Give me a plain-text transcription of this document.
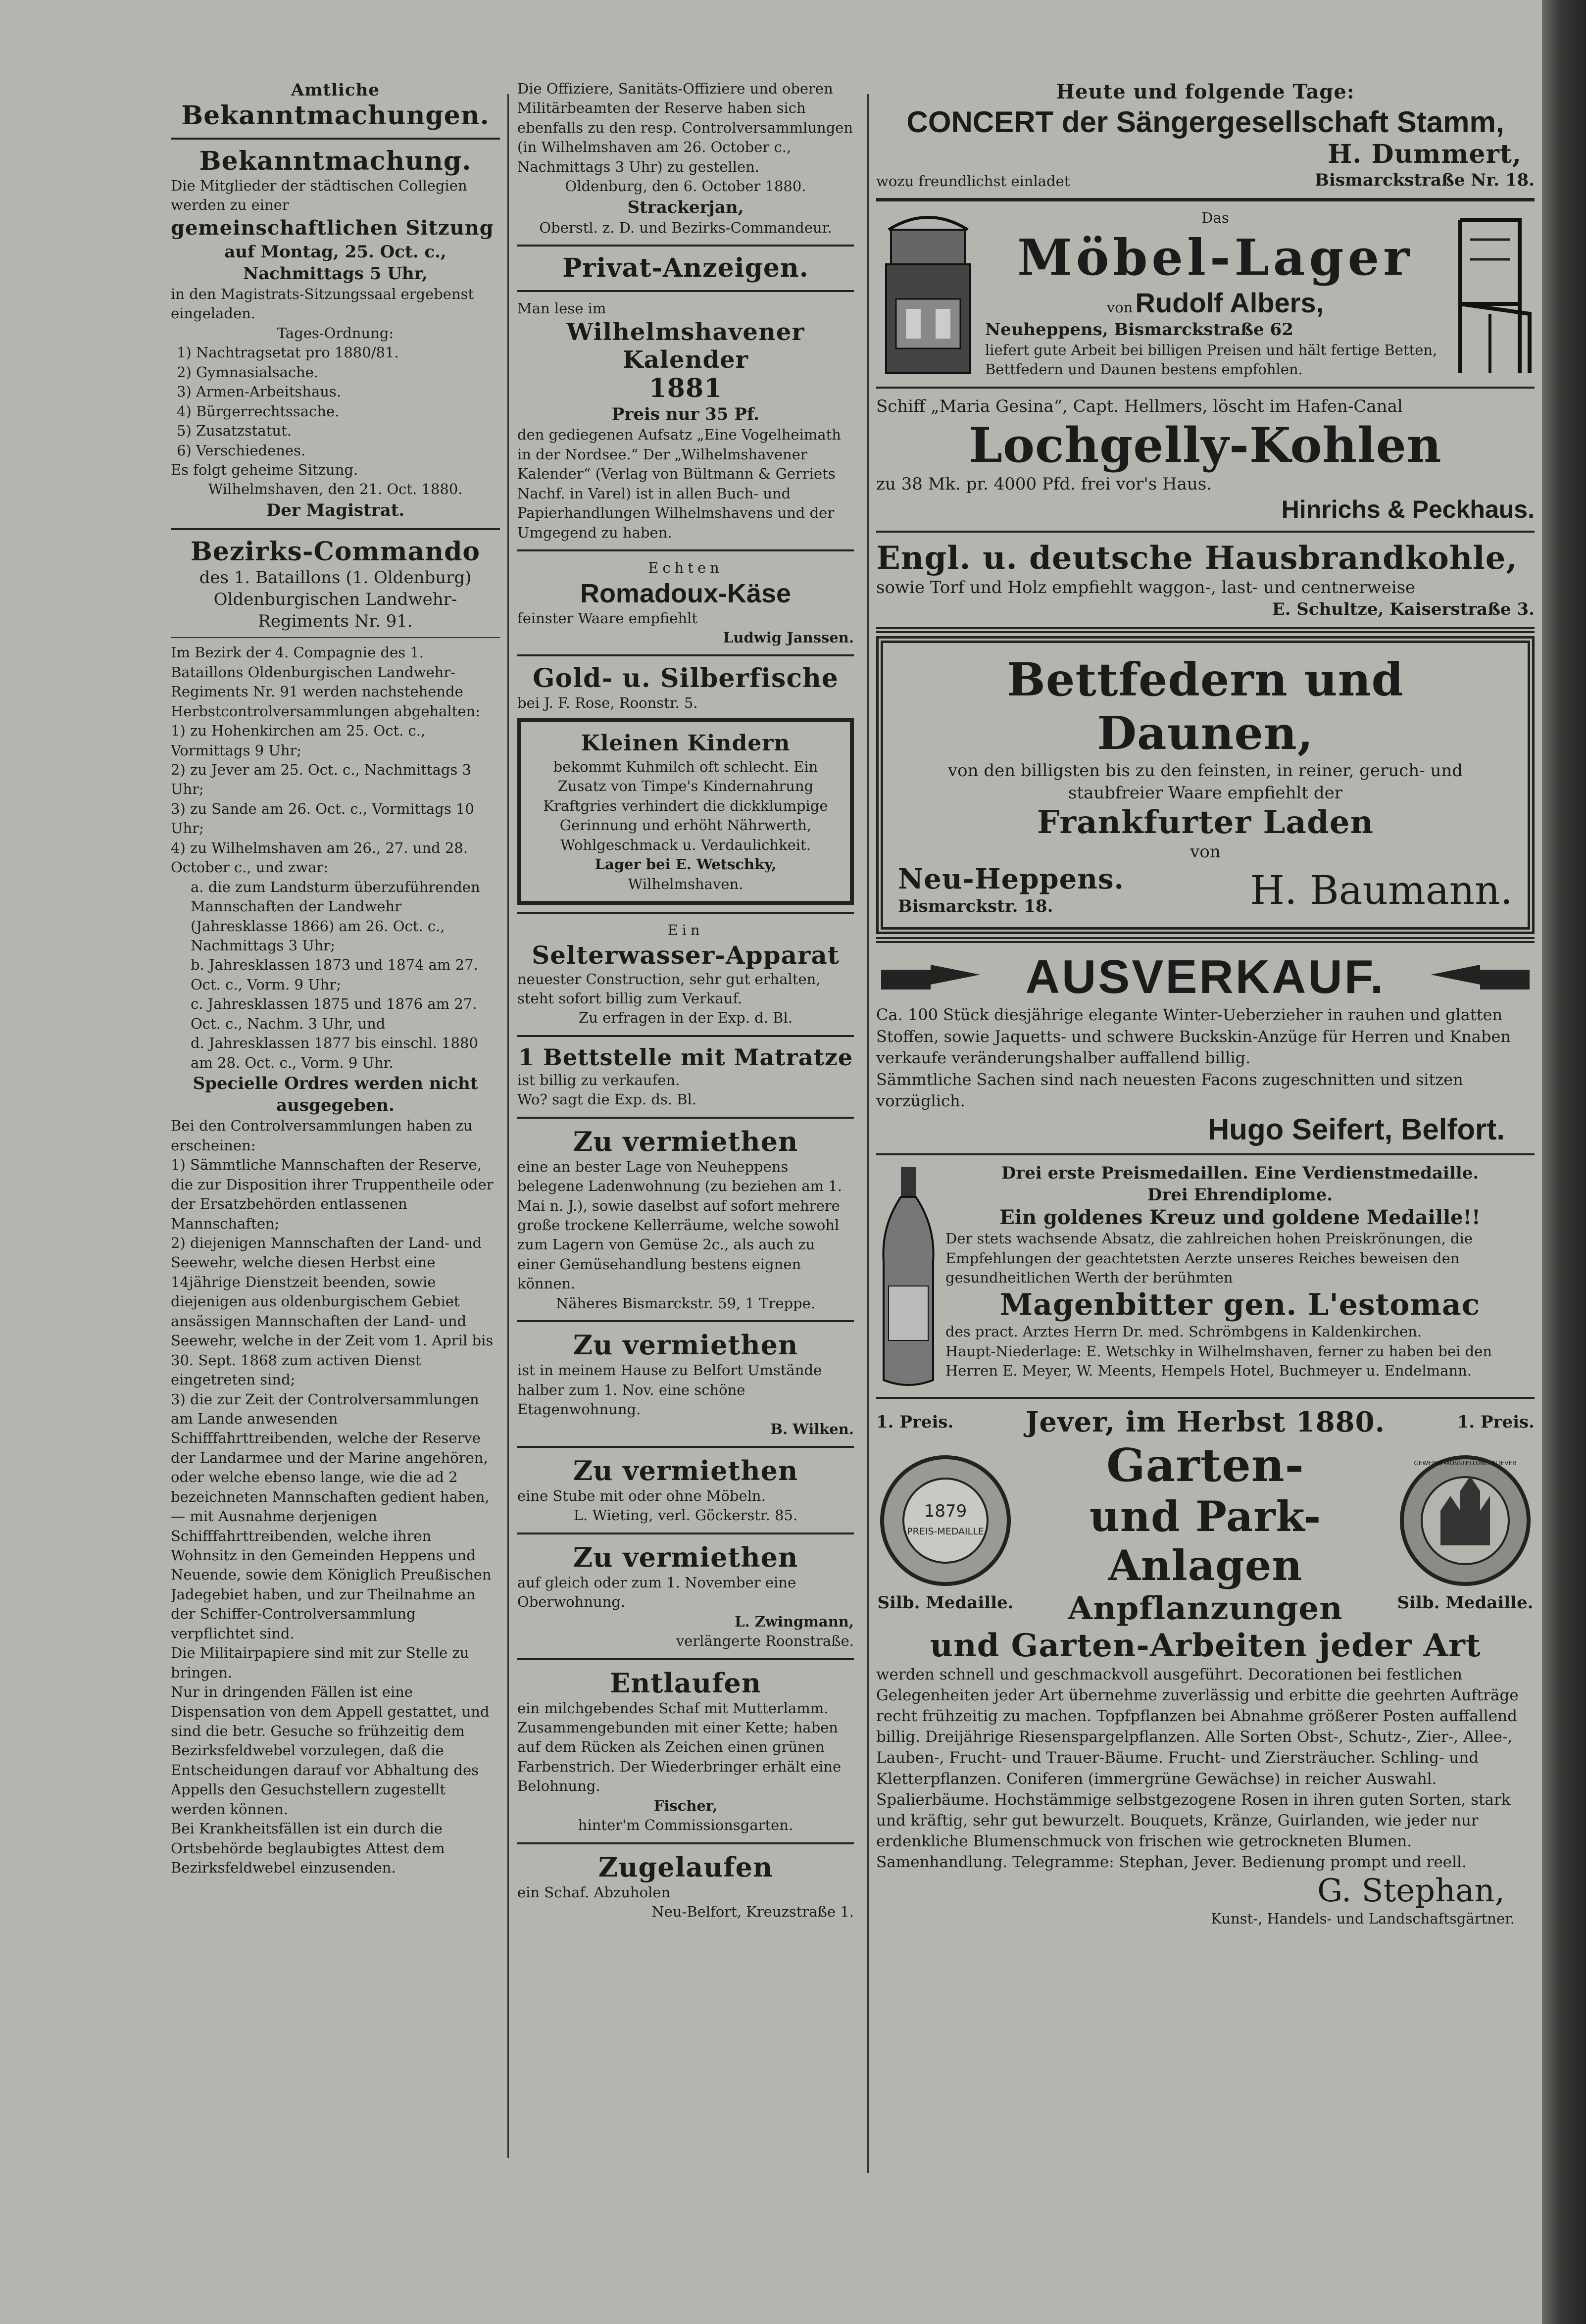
Amtliche

Bekanntmachungen.

Bekanntmachung.

Die Mitglieder der städtischen Collegien werden zu einer

gemeinschaftlichen Sitzung

auf Montag, 25. Oct. c.,

Nachmittags 5 Uhr,

in den Magistrats-Sitzungssaal ergebenst eingeladen.

Tages-Ordnung:

1) Nachtragsetat pro 1880/81.
2) Gymnasialsache.
3) Armen-Arbeitshaus.
4) Bürgerrechtssache.
5) Zusatzstatut.
6) Verschiedenes.

Es folgt geheime Sitzung.

Wilhelmshaven, den 21. Oct. 1880.

Der Magistrat.

Bezirks-Commando

des 1. Bataillons (1. Oldenburg) Oldenburgischen Landwehr-Regiments Nr. 91.

Im Bezirk der 4. Compagnie des 1. Bataillons Oldenburgischen Landwehr-Regiments Nr. 91 werden nachstehende Herbstcontrolversammlungen abgehalten:

1) zu Hohenkirchen am 25. Oct. c., Vormittags 9 Uhr;
2) zu Jever am 25. Oct. c., Nachmittags 3 Uhr;
3) zu Sande am 26. Oct. c., Vormittags 10 Uhr;
4) zu Wilhelmshaven am 26., 27. und 28. October c., und zwar:
a. die zum Landsturm überzuführenden Mannschaften der Landwehr (Jahresklasse 1866) am 26. Oct. c., Nachmittags 3 Uhr;
b. Jahresklassen 1873 und 1874 am 27. Oct. c., Vorm. 9 Uhr;
c. Jahresklassen 1875 und 1876 am 27. Oct. c., Nachm. 3 Uhr, und
d. Jahresklassen 1877 bis einschl. 1880 am 28. Oct. c., Vorm. 9 Uhr.

Specielle Ordres werden nicht ausgegeben.

Bei den Controlversammlungen haben zu erscheinen:

1) Sämmtliche Mannschaften der Reserve, die zur Disposition ihrer Truppentheile oder der Ersatzbehörden entlassenen Mannschaften;
2) diejenigen Mannschaften der Land- und Seewehr, welche diesen Herbst eine 14jährige Dienstzeit beenden, sowie diejenigen aus oldenburgischem Gebiet ansässigen Mannschaften der Land- und Seewehr, welche in der Zeit vom 1. April bis 30. Sept. 1868 zum activen Dienst eingetreten sind;
3) die zur Zeit der Controlversammlungen am Lande anwesenden Schifffahrttreibenden, welche der Reserve der Landarmee und der Marine angehören, oder welche ebenso lange, wie die ad 2 bezeichneten Mannschaften gedient haben, — mit Ausnahme derjenigen Schifffahrttreibenden, welche ihren Wohnsitz in den Gemeinden Heppens und Neuende, sowie dem Königlich Preußischen Jadegebiet haben, und zur Theilnahme an der Schiffer-Controlversammlung verpflichtet sind.

Die Militairpapiere sind mit zur Stelle zu bringen.

Nur in dringenden Fällen ist eine Dispensation von dem Appell gestattet, und sind die betr. Gesuche so frühzeitig dem Bezirksfeldwebel vorzulegen, daß die Entscheidungen darauf vor Abhaltung des Appells den Gesuchstellern zugestellt werden können.

Bei Krankheitsfällen ist ein durch die Ortsbehörde beglaubigtes Attest dem Bezirksfeldwebel einzusenden.

Die Offiziere, Sanitäts-Offiziere und oberen Militärbeamten der Reserve haben sich ebenfalls zu den resp. Controlversammlungen (in Wilhelmshaven am 26. October c., Nachmittags 3 Uhr) zu gestellen.

Oldenburg, den 6. October 1880.

Strackerjan,

Oberstl. z. D. und Bezirks-Commandeur.

Privat-Anzeigen.

Man lese im

Wilhelmshavener Kalender

1881

Preis nur 35 Pf.

den gediegenen Aufsatz „Eine Vogelheimath in der Nordsee.“ Der „Wilhelmshavener Kalender“ (Verlag von Bültmann & Gerriets Nachf. in Varel) ist in allen Buch- und Papierhandlungen Wilhelmshavens und der Umgegend zu haben.

Echten

Romadoux-Käse

feinster Waare empfiehlt

Ludwig Janssen.

Gold- u. Silberfische

bei J. F. Rose, Roonstr. 5.

Kleinen Kindern

bekommt Kuhmilch oft schlecht. Ein Zusatz von Timpe's Kindernahrung Kraftgries verhindert die dickklumpige Gerinnung und erhöht Nährwerth, Wohlgeschmack u. Verdaulichkeit.

Lager bei E. Wetschky,

Wilhelmshaven.

Ein

Selterwasser-Apparat

neuester Construction, sehr gut erhalten, steht sofort billig zum Verkauf.

Zu erfragen in der Exp. d. Bl.

1 Bettstelle mit Matratze

ist billig zu verkaufen.

Wo? sagt die Exp. ds. Bl.

Zu vermiethen

eine an bester Lage von Neuheppens belegene Ladenwohnung (zu beziehen am 1. Mai n. J.), sowie daselbst auf sofort mehrere große trockene Kellerräume, welche sowohl zum Lagern von Gemüse 2c., als auch zu einer Gemüsehandlung bestens eignen können.

Näheres Bismarckstr. 59, 1 Treppe.

Zu vermiethen

ist in meinem Hause zu Belfort Umstände halber zum 1. Nov. eine schöne Etagenwohnung.

B. Wilken.

Zu vermiethen

eine Stube mit oder ohne Möbeln.

L. Wieting, verl. Göckerstr. 85.

Zu vermiethen

auf gleich oder zum 1. November eine Oberwohnung.

L. Zwingmann,

verlängerte Roonstraße.

Entlaufen

ein milchgebendes Schaf mit Mutterlamm. Zusammengebunden mit einer Kette; haben auf dem Rücken als Zeichen einen grünen Farbenstrich. Der Wiederbringer erhält eine Belohnung.

Fischer,

hinter'm Commissionsgarten.

Zugelaufen

ein Schaf. Abzuholen

Neu-Belfort, Kreuzstraße 1.

Heute und folgende Tage:

CONCERT der Sängergesellschaft Stamm,

wozu freundlichst einladet

H. Dummert,

Bismarckstraße Nr. 18.

Das

Möbel-Lager

von Rudolf Albers,

Neuheppens, Bismarckstraße 62

liefert gute Arbeit bei billigen Preisen und hält fertige Betten, Bettfedern und Daunen bestens empfohlen.

Schiff „Maria Gesina“, Capt. Hellmers, löscht im Hafen-Canal

Lochgelly-Kohlen

zu 38 Mk. pr. 4000 Pfd. frei vor's Haus.

Hinrichs & Peckhaus.

Engl. u. deutsche Hausbrandkohle,

sowie Torf und Holz empfiehlt waggon-, last- und centnerweise

E. Schultze, Kaiserstraße 3.

Bettfedern und Daunen,

von den billigsten bis zu den feinsten, in reiner, geruch- und staubfreier Waare empfiehlt der

Frankfurter Laden

von

Neu-Heppens.

Bismarckstr. 18.	H. Baumann.

AUSVERKAUF.

Ca. 100 Stück diesjährige elegante Winter-Ueberzieher in rauhen und glatten Stoffen, sowie Jaquetts- und schwere Buckskin-Anzüge für Herren und Knaben verkaufe veränderungshalber auffallend billig.

Sämmtliche Sachen sind nach neuesten Facons zugeschnitten und sitzen vorzüglich.

Hugo Seifert, Belfort.

Drei erste Preismedaillen. Eine Verdienstmedaille.

Drei Ehrendiplome.

Ein goldenes Kreuz und goldene Medaille!!

Der stets wachsende Absatz, die zahlreichen hohen Preiskrönungen, die Empfehlungen der geachtetsten Aerzte unseres Reiches beweisen den gesundheitlichen Werth der berühmten

Magenbitter gen. L'estomac

des pract. Arztes Herrn Dr. med. Schrömbgens in Kaldenkirchen.

Haupt-Niederlage: E. Wetschky in Wilhelmshaven, ferner zu haben bei den Herren E. Meyer, W. Meents, Hempels Hotel, Buchmeyer u. Endelmann.

1. Preis.	Jever, im Herbst 1880.	1. Preis.

1879
PREIS-MEDAILLE

Silb. Medaille.

Garten-

und Park-Anlagen

Anpflanzungen

GEWERBE-AUSSTELLUNG IN JEVER

Silb. Medaille.

und Garten-Arbeiten jeder Art

werden schnell und geschmackvoll ausgeführt. Decorationen bei festlichen Gelegenheiten jeder Art übernehme zuverlässig und erbitte die geehrten Aufträge recht frühzeitig zu machen. Topfpflanzen bei Abnahme größerer Posten auffallend billig. Dreijährige Riesenspargelpflanzen. Alle Sorten Obst-, Schutz-, Zier-, Allee-, Lauben-, Frucht- und Trauer-Bäume. Frucht- und Ziersträucher. Schling- und Kletterpflanzen. Coniferen (immergrüne Gewächse) in reicher Auswahl. Spalierbäume. Hochstämmige selbstgezogene Rosen in ihren guten Sorten, stark und kräftig, sehr gut bewurzelt. Bouquets, Kränze, Guirlanden, wie jeder nur erdenkliche Blumenschmuck von frischen wie getrockneten Blumen. Samenhandlung. Telegramme: Stephan, Jever. Bedienung prompt und reell.

G. Stephan,

Kunst-, Handels- und Landschaftsgärtner.
